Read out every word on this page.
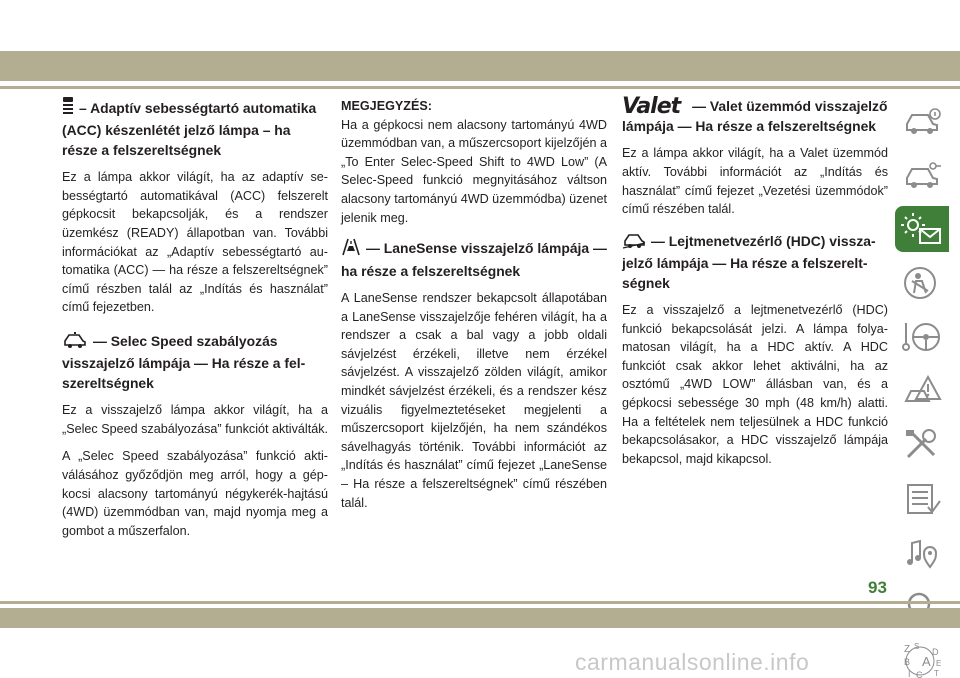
– Adaptív sebességtartó automatika (ACC) készenlétét jelző lámpa – ha része a felszereltségnek

Ez a lámpa akkor világít, ha az adaptív sebességtartó automatikával (ACC) felszerelt gépkocsit bekapcsolják, és a rendszer üzemkész (READY) állapotban van. További információkat az „Adaptív sebességtartó automatika (ACC) — ha része a felszereltségnek” című részben talál az „Indítás és használat” című fejezetben.

— Selec Speed szabályozás visszajelző lámpája — Ha része a felszereltségnek

Ez a visszajelző lámpa akkor világít, ha a „Selec Speed szabályozása” funkciót aktiválták.

A „Selec Speed szabályozása” funkció aktiválásához győződjön meg arról, hogy a gépkocsi alacsony tartományú négykerék-hajtású (4WD) üzemmódban van, majd nyomja meg a gombot a műszerfalon.

MEGJEGYZÉS:

Ha a gépkocsi nem alacsony tartományú 4WD üzemmódban van, a műszercsoport kijelzőjén a „To Enter Selec-Speed Shift to 4WD Low” (A Selec-Speed funkció megnyitásához váltson alacsony tartományú 4WD üzemmódba) üzenet jelenik meg.

— LaneSense visszajelző lámpája — ha része a felszereltségnek

A LaneSense rendszer bekapcsolt állapotában a LaneSense visszajelzője fehéren világít, ha a rendszer a csak a bal vagy a jobb oldali sávjelzést érzékeli, illetve nem érzékel sávjelzést. A visszajelző zölden világít, amikor mindkét sávjelzést érzékeli, és a rendszer kész vizuális figyelmeztetéseket megjelenti a műszercsoport kijelzőjén, ha nem szándékos sávelhagyás történik. További információt az „Indítás és használat” című fejezet „LaneSense – Ha része a felszereltségnek” című részében talál.

Valet — Valet üzemmód visszajelző lámpája — Ha része a felszereltségnek

Ez a lámpa akkor világít, ha a Valet üzemmód aktív. További információt az „Indítás és használat” című fejezet „Vezetési üzemmódok” című részében talál.

— Lejtmenetvezérlő (HDC) visszajelző lámpája — Ha része a felszereltségnek

Ez a visszajelző a lejtmenetvezérlő (HDC) funkció bekapcsolását jelzi. A lámpa folyamatosan világít, ha a HDC aktív. A HDC funkciót csak akkor lehet aktiválni, ha az osztómű „4WD LOW” állásban van, és a gépkocsi sebessége 30 mph (48 km/h) alatti. Ha a feltételek nem teljesülnek a HDC funkció bekapcsolásakor, a HDC visszajelző lámpája bekapcsol, majd kikapcsol.

Z S
B A
I C
D
T
E
93
carmanualsonline.info
